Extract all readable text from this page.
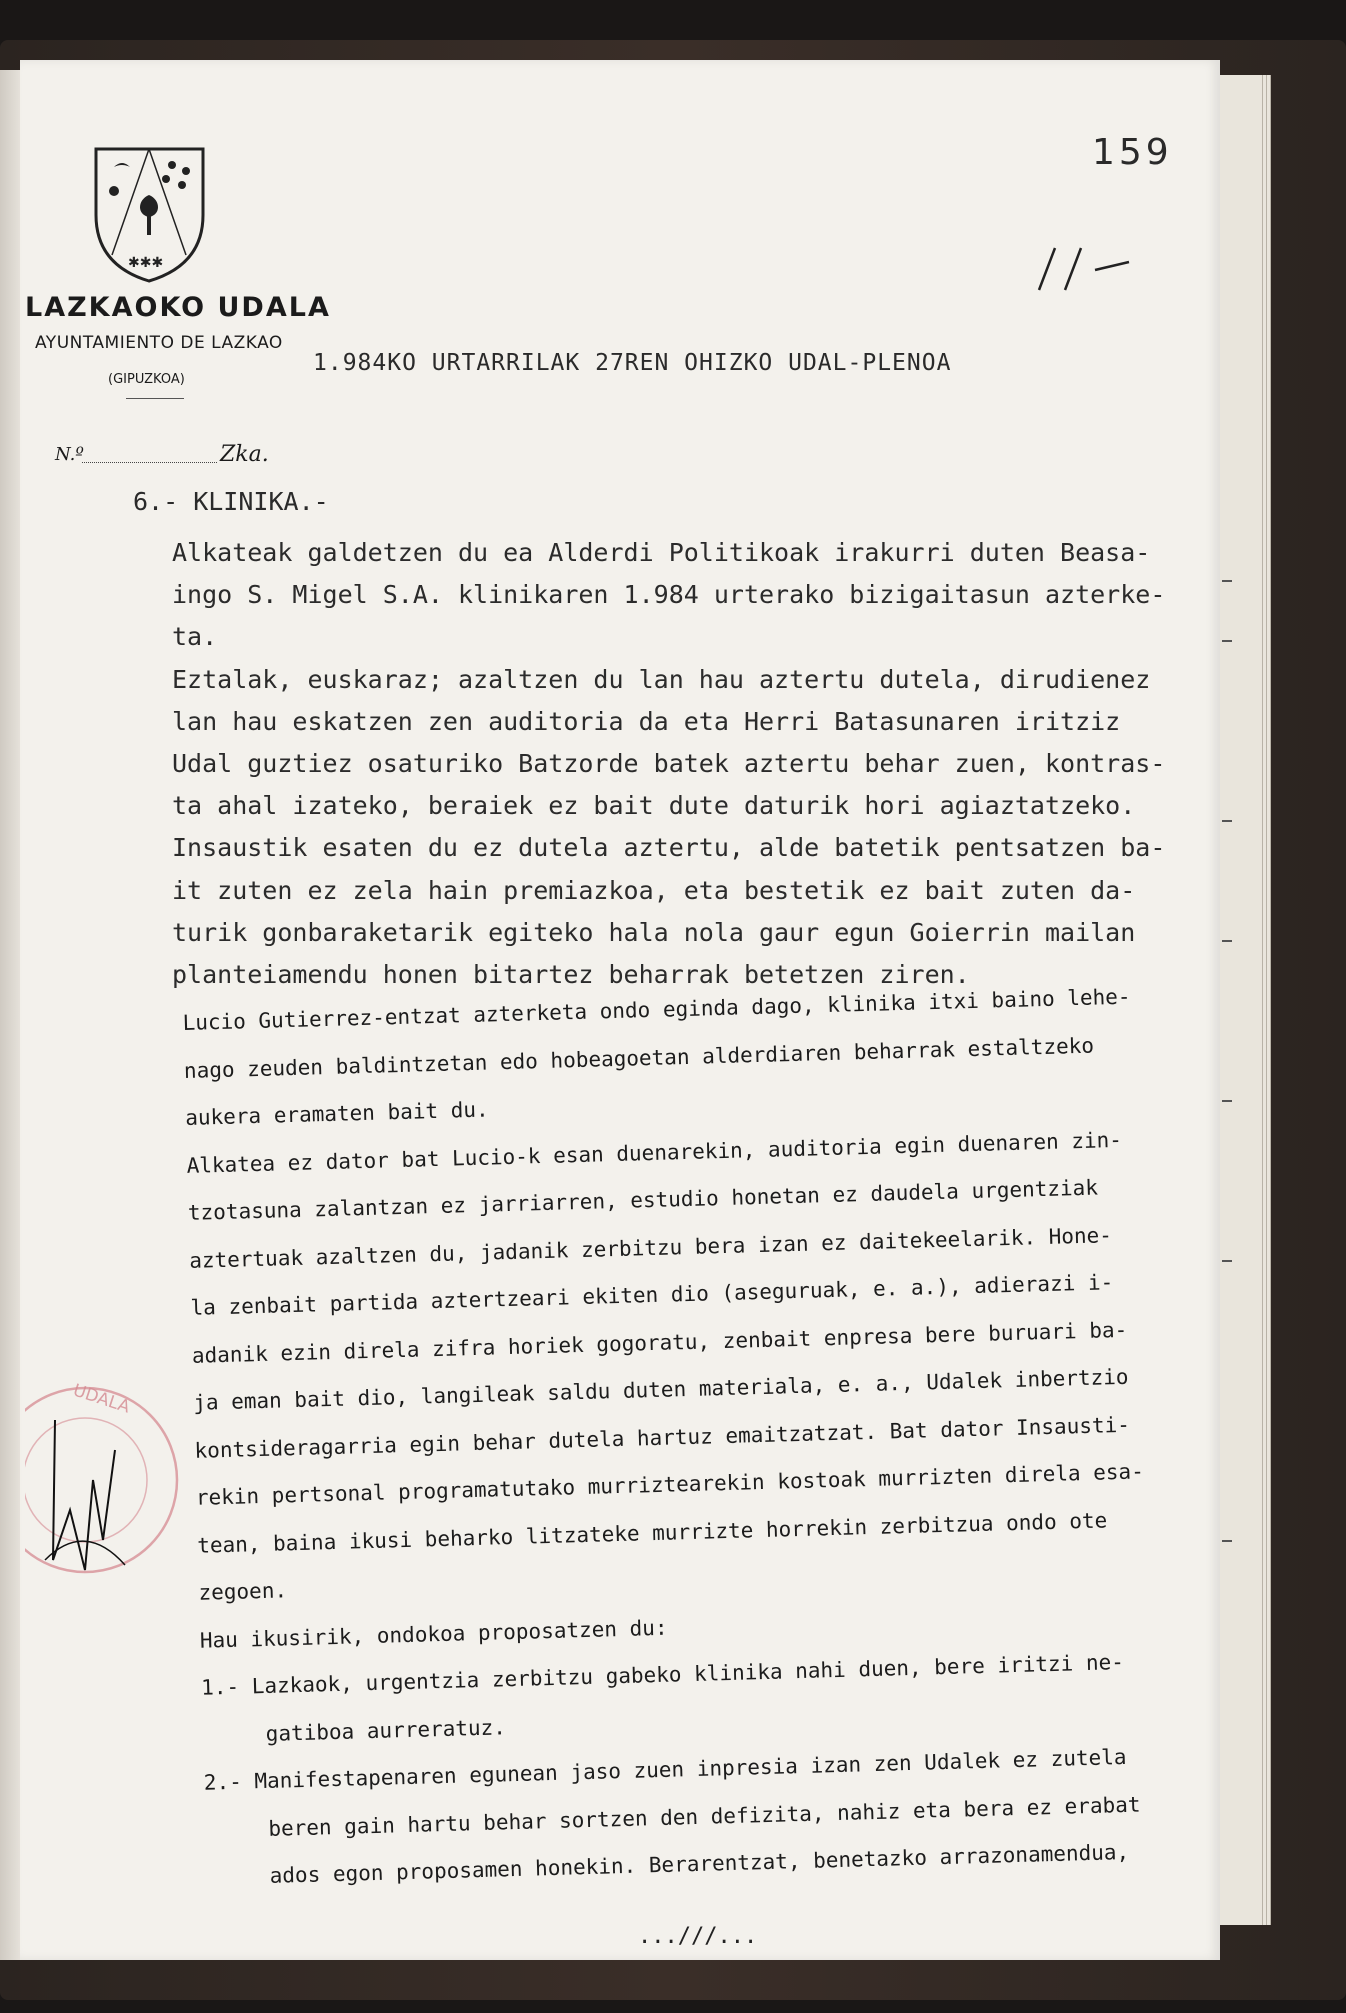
✱✱✱
LAZKAOKO UDALA
AYUNTAMIENTO DE LAZKAO
(GIPUZKOA)
N.º	Zka.
159
1.984KO URTARRILAK 27REN OHIZKO UDAL-PLENOA
6.- KLINIKA.-
Alkateak galdetzen du ea Alderdi Politikoak irakurri duten Beasa-
ingo S. Migel S.A. klinikaren 1.984 urterako bizigaitasun azterke-
ta.
Eztalak, euskaraz; azaltzen du lan hau aztertu dutela, dirudienez
lan hau eskatzen zen auditoria da eta Herri Batasunaren iritziz
Udal guztiez osaturiko Batzorde batek aztertu behar zuen, kontras-
ta ahal izateko, beraiek ez bait dute daturik hori agiaztatzeko.
Insaustik esaten du ez dutela aztertu, alde batetik pentsatzen ba-
it zuten ez zela hain premiazkoa, eta bestetik ez bait zuten da-
turik gonbaraketarik egiteko hala nola gaur egun Goierrin mailan
planteiamendu honen bitartez beharrak betetzen ziren.
Lucio Gutierrez-entzat azterketa ondo eginda dago, klinika itxi baino lehe-
nago zeuden baldintzetan edo hobeagoetan alderdiaren beharrak estaltzeko
aukera eramaten bait du.
Alkatea ez dator bat Lucio-k esan duenarekin, auditoria egin duenaren zin-
tzotasuna zalantzan ez jarriarren, estudio honetan ez daudela urgentziak
aztertuak azaltzen du, jadanik zerbitzu bera izan ez daitekeelarik. Hone-
la zenbait partida aztertzeari ekiten dio (aseguruak, e. a.), adierazi i-
adanik ezin direla zifra horiek gogoratu, zenbait enpresa bere buruari ba-
ja eman bait dio, langileak saldu duten materiala, e. a., Udalek inbertzio
kontsideragarria egin behar dutela hartuz emaitzatzat. Bat dator Insausti-
rekin pertsonal programatutako murriztearekin kostoak murrizten direla esa-
tean, baina ikusi beharko litzateke murrizte horrekin zerbitzua ondo ote
zegoen.
Hau ikusirik, ondokoa proposatzen du:
1.- Lazkaok, urgentzia zerbitzu gabeko klinika nahi duen, bere iritzi ne-
gatiboa aurreratuz.
2.- Manifestapenaren egunean jaso zuen inpresia izan zen Udalek ez zutela
beren gain hartu behar sortzen den defizita, nahiz eta bera ez erabat
ados egon proposamen honekin. Berarentzat, benetazko arrazonamendua,
UDALA
...///...
